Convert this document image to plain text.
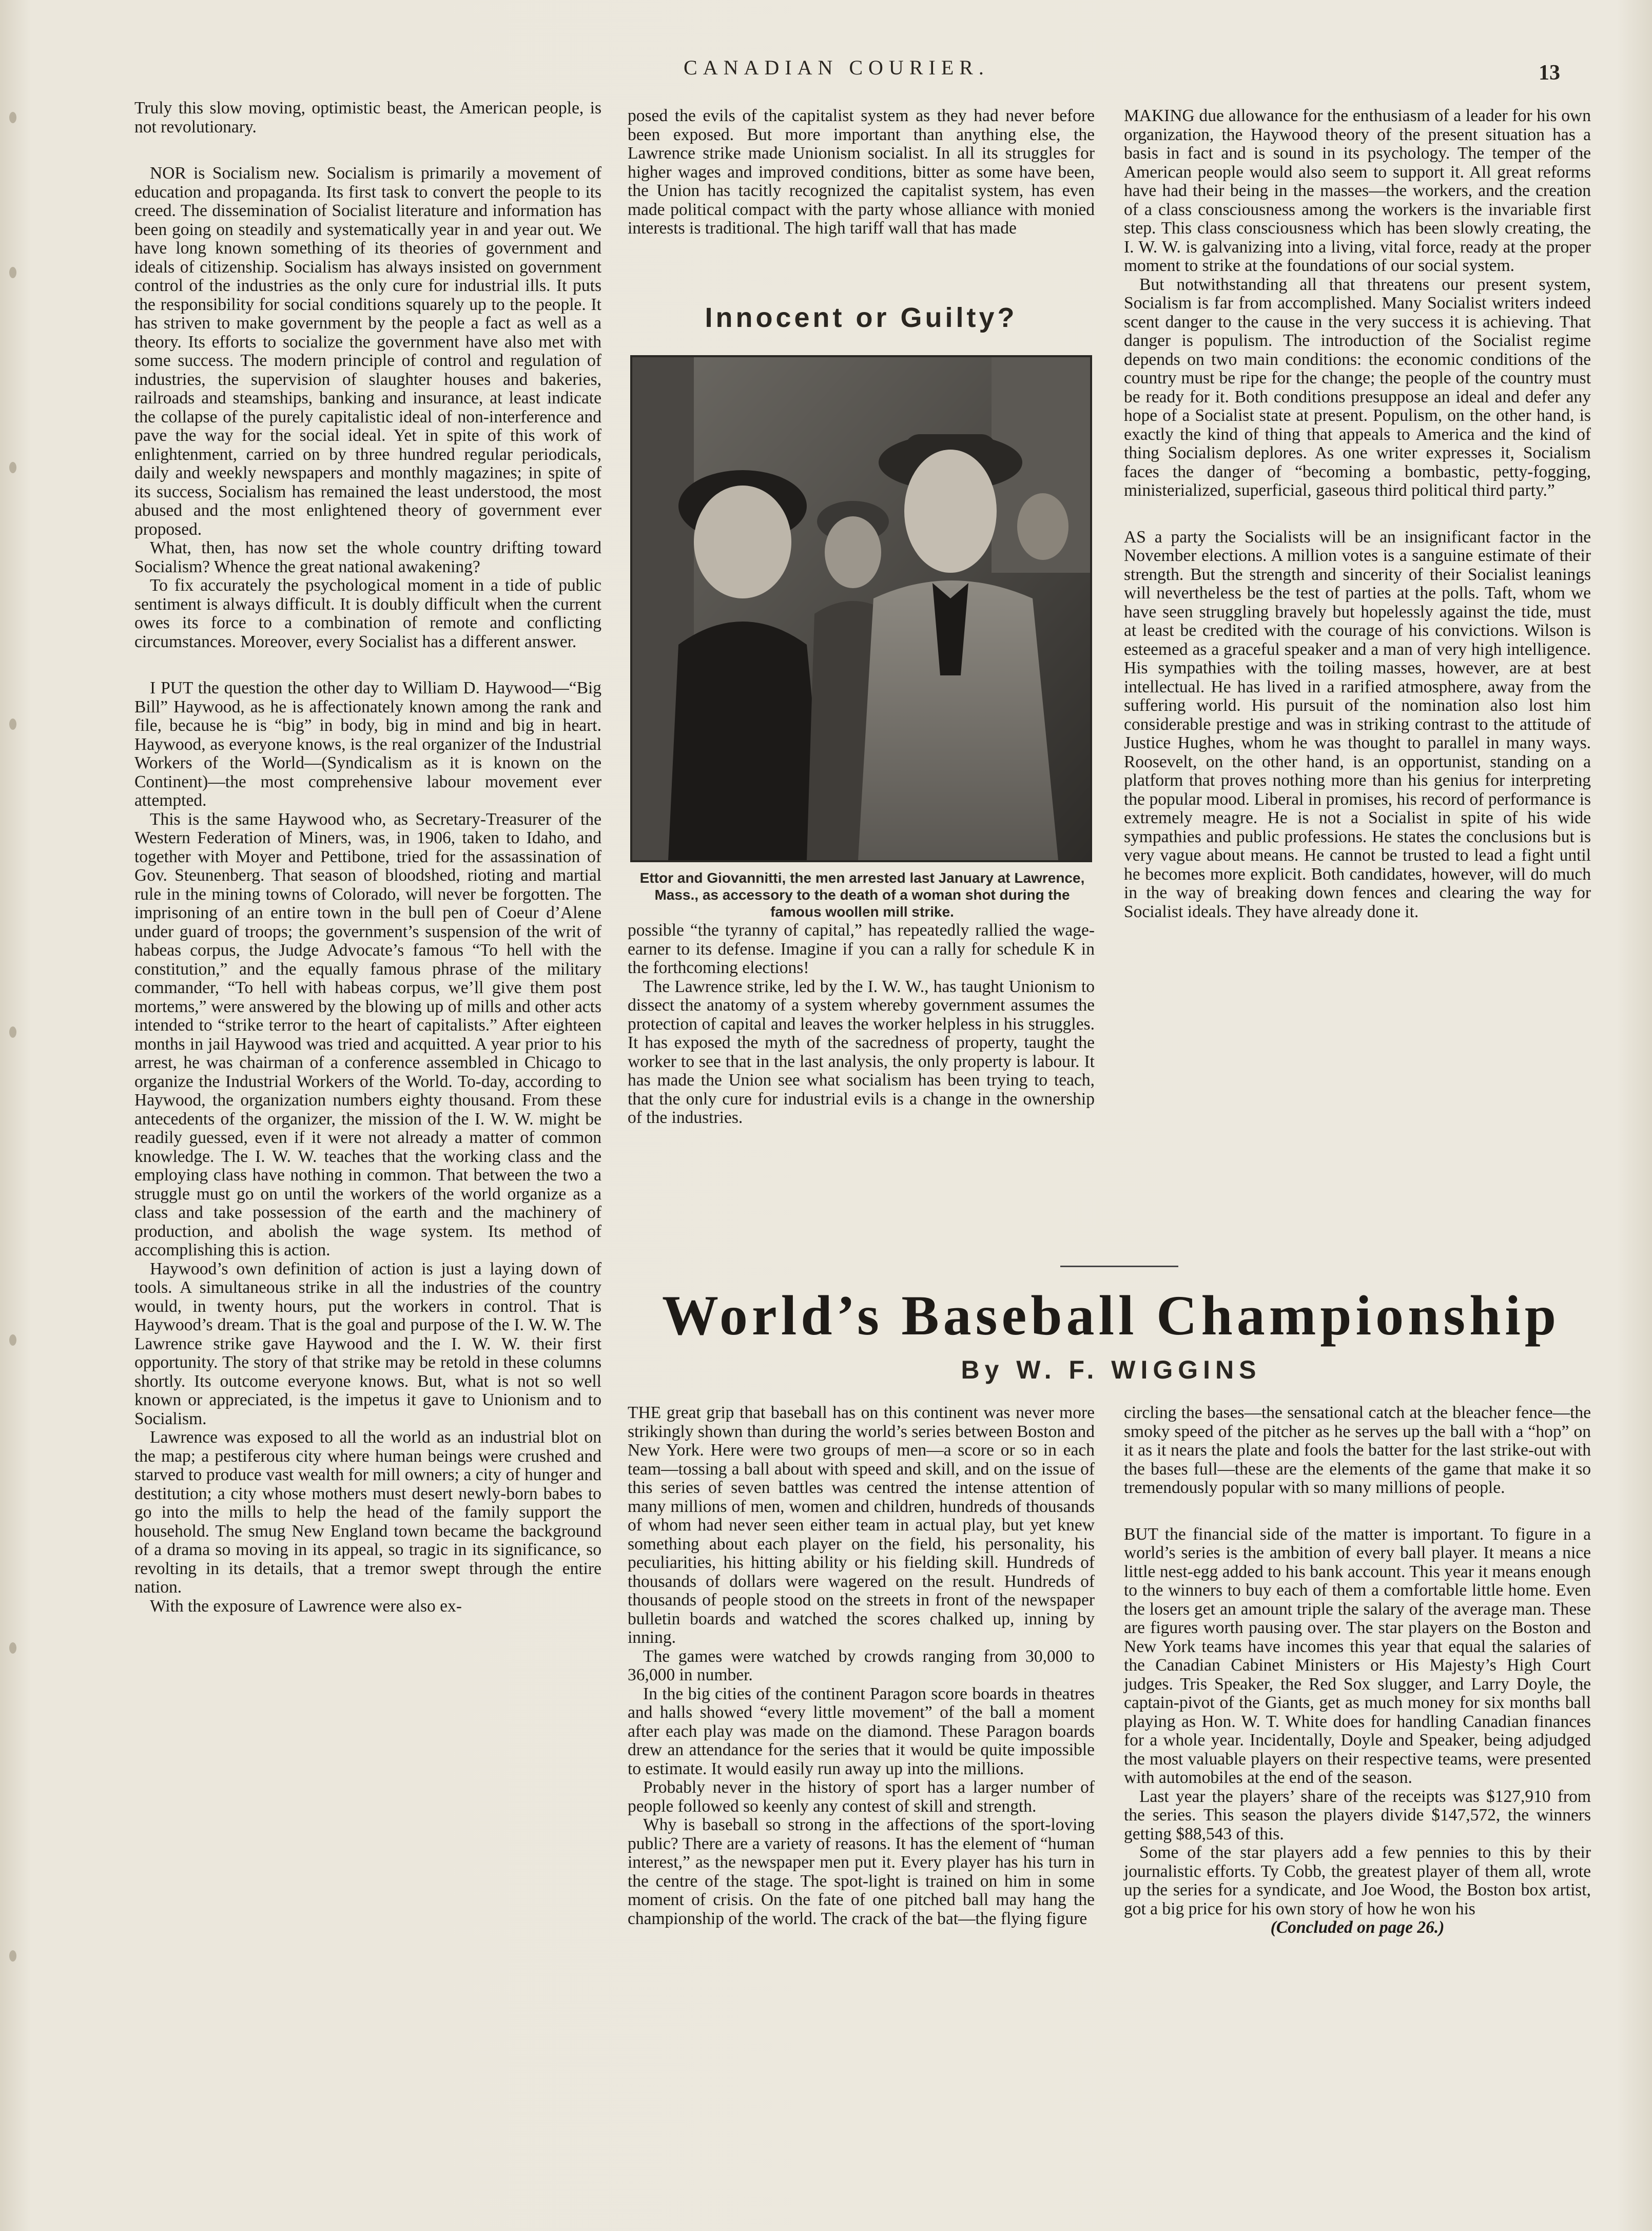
CANADIAN COURIER.	13

Truly this slow moving, optimistic beast, the American people, is not revolutionary.

NOR is Socialism new. Socialism is primarily a movement of education and propaganda. Its first task to convert the people to its creed. The dissemination of Socialist literature and information has been going on steadily and systematically year in and year out. We have long known something of its theories of government and ideals of citizenship. Socialism has always insisted on government control of the industries as the only cure for industrial ills. It puts the responsibility for social conditions squarely up to the people. It has striven to make government by the people a fact as well as a theory. Its efforts to socialize the government have also met with some success. The modern principle of control and regulation of industries, the supervision of slaughter houses and bakeries, railroads and steamships, banking and insurance, at least indicate the collapse of the purely capitalistic ideal of non-interference and pave the way for the social ideal. Yet in spite of this work of enlightenment, carried on by three hundred regular periodicals, daily and weekly newspapers and monthly magazines; in spite of its success, Socialism has remained the least understood, the most abused and the most enlightened theory of government ever proposed.

What, then, has now set the whole country drifting toward Socialism? Whence the great national awakening?

To fix accurately the psychological moment in a tide of public sentiment is always difficult. It is doubly difficult when the current owes its force to a combination of remote and conflicting circumstances. Moreover, every Socialist has a different answer.

I PUT the question the other day to William D. Haywood—“Big Bill” Haywood, as he is affectionately known among the rank and file, because he is “big” in body, big in mind and big in heart. Haywood, as everyone knows, is the real organizer of the Industrial Workers of the World—(Syndicalism as it is known on the Continent)—the most comprehensive labour movement ever attempted.

This is the same Haywood who, as Secretary-Treasurer of the Western Federation of Miners, was, in 1906, taken to Idaho, and together with Moyer and Pettibone, tried for the assassination of Gov. Steunenberg. That season of bloodshed, rioting and martial rule in the mining towns of Colorado, will never be forgotten. The imprisoning of an entire town in the bull pen of Coeur d’Alene under guard of troops; the government’s suspension of the writ of habeas corpus, the Judge Advocate’s famous “To hell with the constitution,” and the equally famous phrase of the military commander, “To hell with habeas corpus, we’ll give them post mortems,” were answered by the blowing up of mills and other acts intended to “strike terror to the heart of capitalists.” After eighteen months in jail Haywood was tried and acquitted. A year prior to his arrest, he was chairman of a conference assembled in Chicago to organize the Industrial Workers of the World. To-day, according to Haywood, the organization numbers eighty thousand. From these antecedents of the organizer, the mission of the I. W. W. might be readily guessed, even if it were not already a matter of common knowledge. The I. W. W. teaches that the working class and the employing class have nothing in common. That between the two a struggle must go on until the workers of the world organize as a class and take possession of the earth and the machinery of production, and abolish the wage system. Its method of accomplishing this is action.

Haywood’s own definition of action is just a laying down of tools. A simultaneous strike in all the industries of the country would, in twenty hours, put the workers in control. That is Haywood’s dream. That is the goal and purpose of the I. W. W. The Lawrence strike gave Haywood and the I. W. W. their first opportunity. The story of that strike may be retold in these columns shortly. Its outcome everyone knows. But, what is not so well known or appreciated, is the impetus it gave to Unionism and to Socialism.

Lawrence was exposed to all the world as an industrial blot on the map; a pestiferous city where human beings were crushed and starved to produce vast wealth for mill owners; a city of hunger and destitution; a city whose mothers must desert newly-born babes to go into the mills to help the head of the family support the household. The smug New England town became the background of a drama so moving in its appeal, so tragic in its significance, so revolting in its details, that a tremor swept through the entire nation.

With the exposure of Lawrence were also ex-

posed the evils of the capitalist system as they had never before been exposed. But more important than anything else, the Lawrence strike made Unionism socialist. In all its struggles for higher wages and improved conditions, bitter as some have been, the Union has tacitly recognized the capitalist system, has even made political compact with the party whose alliance with monied interests is traditional. The high tariff wall that has made

Innocent or Guilty?
Ettor and Giovannitti, the men arrested last January at Lawrence, Mass., as accessory to the death of a woman shot during the famous woollen mill strike.

possible “the tyranny of capital,” has repeatedly rallied the wage-earner to its defense. Imagine if you can a rally for schedule K in the forthcoming elections!

The Lawrence strike, led by the I. W. W., has taught Unionism to dissect the anatomy of a system whereby government assumes the protection of capital and leaves the worker helpless in his struggles. It has exposed the myth of the sacredness of property, taught the worker to see that in the last analysis, the only property is labour. It has made the Union see what socialism has been trying to teach, that the only cure for industrial evils is a change in the ownership of the industries.

MAKING due allowance for the enthusiasm of a leader for his own organization, the Haywood theory of the present situation has a basis in fact and is sound in its psychology. The temper of the American people would also seem to support it. All great reforms have had their being in the masses—the workers, and the creation of a class consciousness among the workers is the invariable first step. This class consciousness which has been slowly creating, the I. W. W. is galvanizing into a living, vital force, ready at the proper moment to strike at the foundations of our social system.

But notwithstanding all that threatens our present system, Socialism is far from accomplished. Many Socialist writers indeed scent danger to the cause in the very success it is achieving. That danger is populism. The introduction of the Socialist regime depends on two main conditions: the economic conditions of the country must be ripe for the change; the people of the country must be ready for it. Both conditions presuppose an ideal and defer any hope of a Socialist state at present. Populism, on the other hand, is exactly the kind of thing that appeals to America and the kind of thing Socialism deplores. As one writer expresses it, Socialism faces the danger of “becoming a bombastic, petty-fogging, ministerialized, superficial, gaseous third political third party.”

AS a party the Socialists will be an insignificant factor in the November elections. A million votes is a sanguine estimate of their strength. But the strength and sincerity of their Socialist leanings will nevertheless be the test of parties at the polls. Taft, whom we have seen struggling bravely but hopelessly against the tide, must at least be credited with the courage of his convictions. Wilson is esteemed as a graceful speaker and a man of very high intelligence. His sympathies with the toiling masses, however, are at best intellectual. He has lived in a rarified atmosphere, away from the suffering world. His pursuit of the nomination also lost him considerable prestige and was in striking contrast to the attitude of Justice Hughes, whom he was thought to parallel in many ways. Roosevelt, on the other hand, is an opportunist, standing on a platform that proves nothing more than his genius for interpreting the popular mood. Liberal in promises, his record of performance is extremely meagre. He is not a Socialist in spite of his wide sympathies and public professions. He states the conclusions but is very vague about means. He cannot be trusted to lead a fight until he becomes more explicit. Both candidates, however, will do much in the way of breaking down fences and clearing the way for Socialist ideals. They have already done it.

World’s Baseball Championship
By W. F. WIGGINS

THE great grip that baseball has on this continent was never more strikingly shown than during the world’s series between Boston and New York. Here were two groups of men—a score or so in each team—tossing a ball about with speed and skill, and on the issue of this series of seven battles was centred the intense attention of many millions of men, women and children, hundreds of thousands of whom had never seen either team in actual play, but yet knew something about each player on the field, his personality, his peculiarities, his hitting ability or his fielding skill. Hundreds of thousands of dollars were wagered on the result. Hundreds of thousands of people stood on the streets in front of the newspaper bulletin boards and watched the scores chalked up, inning by inning.

The games were watched by crowds ranging from 30,000 to 36,000 in number.

In the big cities of the continent Paragon score boards in theatres and halls showed “every little movement” of the ball a moment after each play was made on the diamond. These Paragon boards drew an attendance for the series that it would be quite impossible to estimate. It would easily run away up into the millions.

Probably never in the history of sport has a larger number of people followed so keenly any contest of skill and strength.

Why is baseball so strong in the affections of the sport-loving public? There are a variety of reasons. It has the element of “human interest,” as the newspaper men put it. Every player has his turn in the centre of the stage. The spot-light is trained on him in some moment of crisis. On the fate of one pitched ball may hang the championship of the world. The crack of the bat—the flying figure

circling the bases—the sensational catch at the bleacher fence—the smoky speed of the pitcher as he serves up the ball with a “hop” on it as it nears the plate and fools the batter for the last strike-out with the bases full—these are the elements of the game that make it so tremendously popular with so many millions of people.

BUT the financial side of the matter is important. To figure in a world’s series is the ambition of every ball player. It means a nice little nest-egg added to his bank account. This year it means enough to the winners to buy each of them a comfortable little home. Even the losers get an amount triple the salary of the average man. These are figures worth pausing over. The star players on the Boston and New York teams have incomes this year that equal the salaries of the Canadian Cabinet Ministers or His Majesty’s High Court judges. Tris Speaker, the Red Sox slugger, and Larry Doyle, the captain-pivot of the Giants, get as much money for six months ball playing as Hon. W. T. White does for handling Canadian finances for a whole year. Incidentally, Doyle and Speaker, being adjudged the most valuable players on their respective teams, were presented with automobiles at the end of the season.

Last year the players’ share of the receipts was $127,910 from the series. This season the players divide $147,572, the winners getting $88,543 of this.

Some of the star players add a few pennies to this by their journalistic efforts. Ty Cobb, the greatest player of them all, wrote up the series for a syndicate, and Joe Wood, the Boston box artist, got a big price for his own story of how he won his

(Concluded on page 26.)
